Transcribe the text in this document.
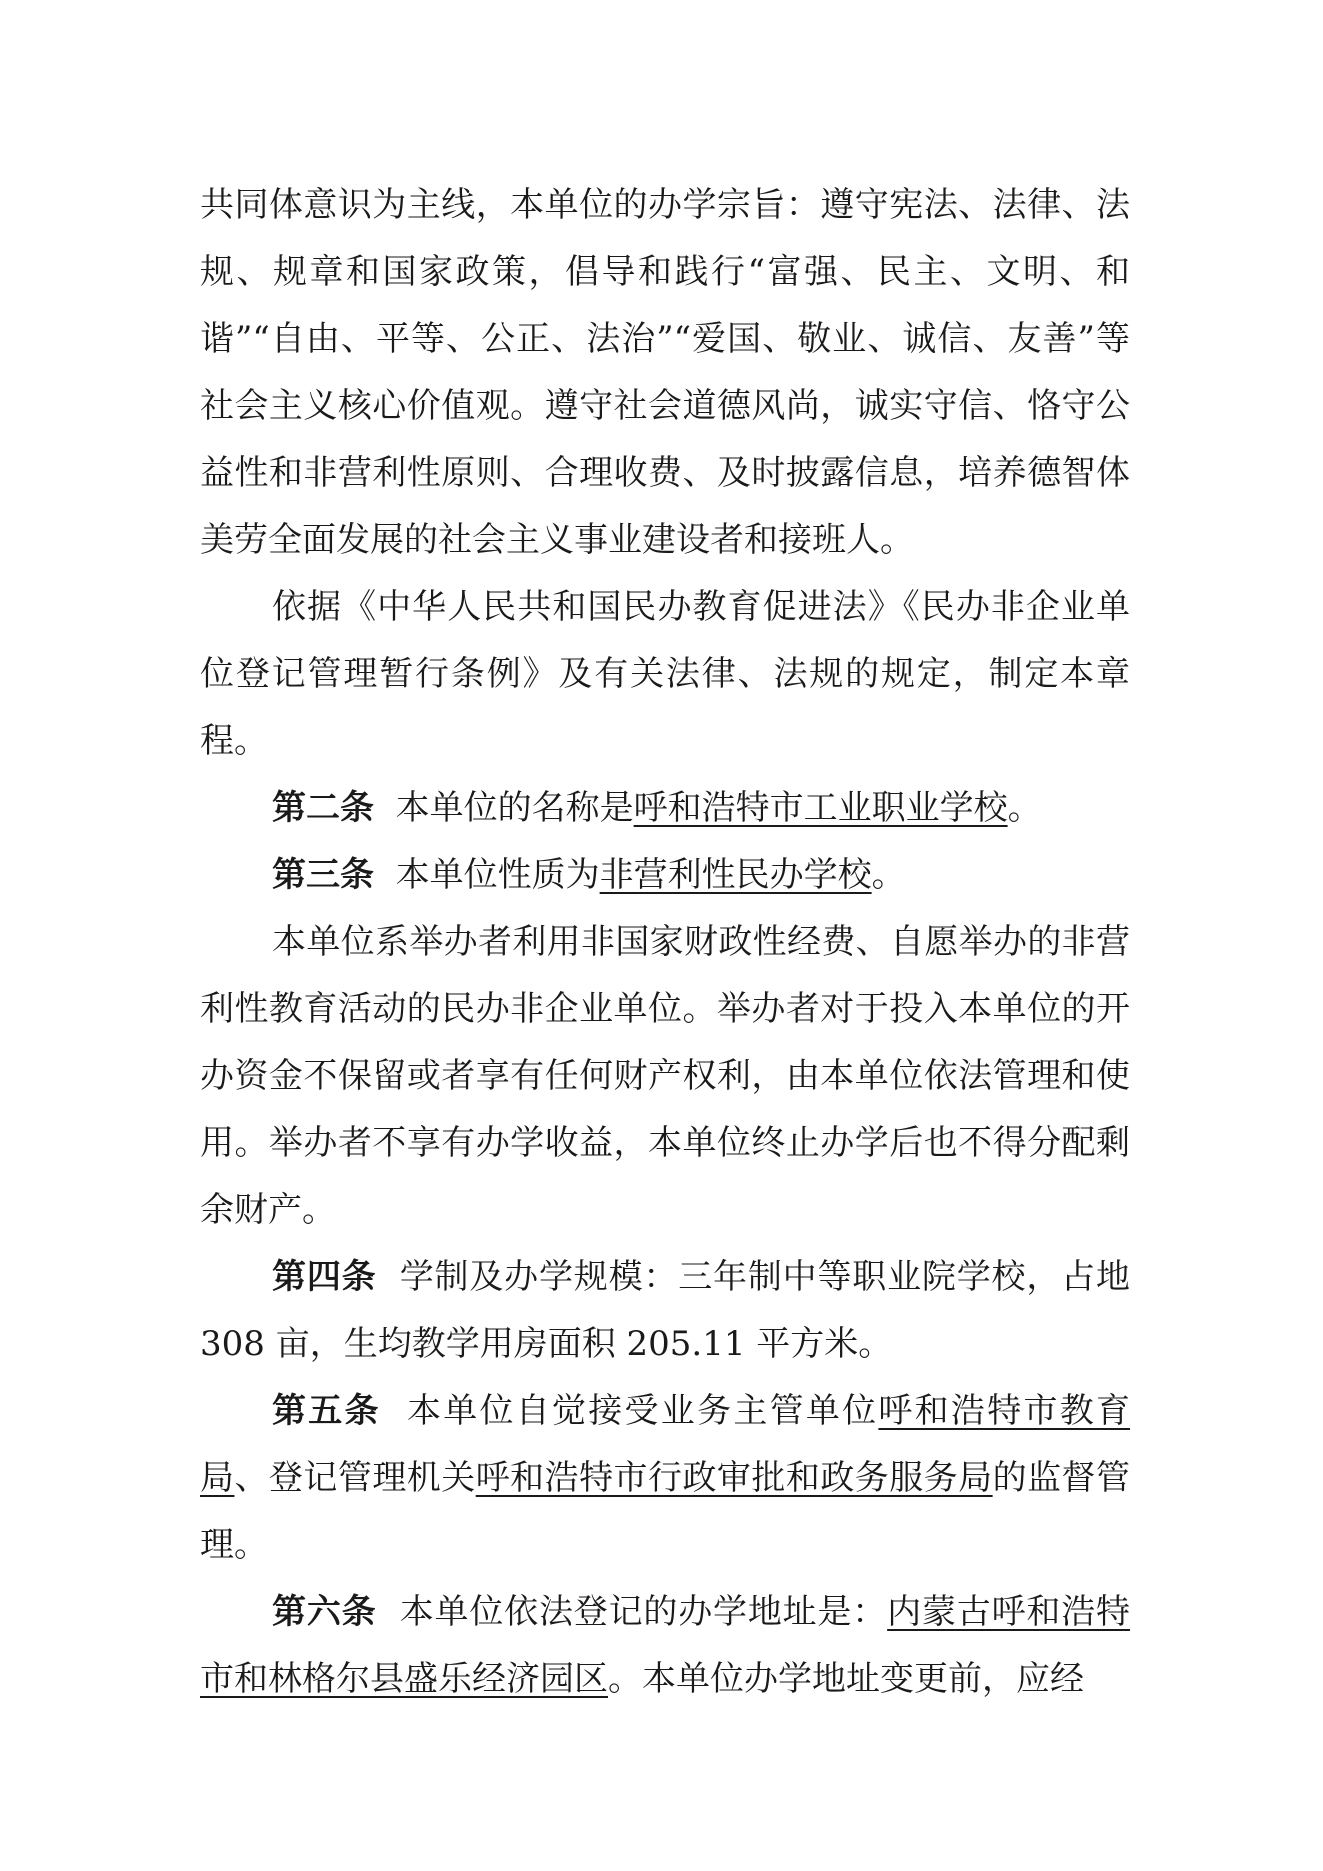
共同体意识为主线，本单位的办学宗旨：遵守宪法、法律、法规、规章和国家政策，倡导和践行“富强、民主、文明、和谐”“自由、平等、公正、法治”“爱国、敬业、诚信、友善”等社会主义核心价值观。遵守社会道德风尚，诚实守信、恪守公益性和非营利性原则、合理收费、及时披露信息，培养德智体美劳全面发展的社会主义事业建设者和接班人。

依据《中华人民共和国民办教育促进法》《民办非企业单位登记管理暂行条例》及有关法律、法规的规定，制定本章程。

第二条 本单位的名称是呼和浩特市工业职业学校。

第三条 本单位性质为非营利性民办学校。

本单位系举办者利用非国家财政性经费、自愿举办的非营利性教育活动的民办非企业单位。举办者对于投入本单位的开办资金不保留或者享有任何财产权利，由本单位依法管理和使用。举办者不享有办学收益，本单位终止办学后也不得分配剩余财产。

第四条 学制及办学规模：三年制中等职业院学校，占地 308 亩，生均教学用房面积 205.11 平方米。

第五条 本单位自觉接受业务主管单位呼和浩特市教育局、登记管理机关呼和浩特市行政审批和政务服务局的监督管理。

第六条 本单位依法登记的办学地址是：内蒙古呼和浩特市和林格尔县盛乐经济园区。本单位办学地址变更前，应经
